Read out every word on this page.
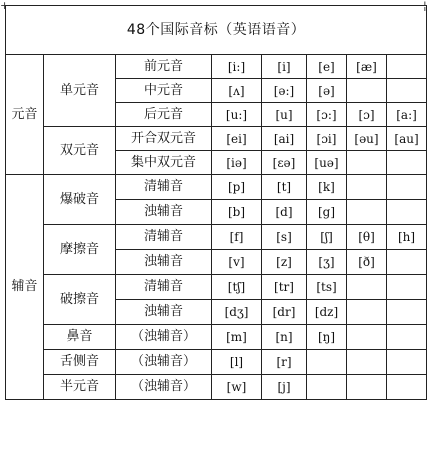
+	¦
48个国际音标（英语语音）							
元音	单元音	前元音	[i:]	[i]	[e]	[æ]	
		中元音	[ʌ]	[ə:]	[ə]		
		后元音	[u:]	[u]	[ɔ:]	[ɔ]	[a:]
	双元音	开合双元音	[ei]	[ai]	[ɔi]	[əu]	[au]
		集中双元音	[iə]	[ɛə]	[uə]		
辅音	爆破音	清辅音	[p]	[t]	[k]		
		浊辅音	[b]	[d]	[g]		
	摩擦音	清辅音	[f]	[s]	[ʃ]	[θ]	[h]
		浊辅音	[v]	[z]	[ʒ]	[ð]	
	破擦音	清辅音	[tʃ]	[tr]	[ts]		
		浊辅音	[dʒ]	[dr]	[dz]		
	鼻音	（浊辅音）	[m]	[n]	[ŋ]		
	舌侧音	（浊辅音）	[l]	[r]			
	半元音	（浊辅音）	[w]	[j]			
